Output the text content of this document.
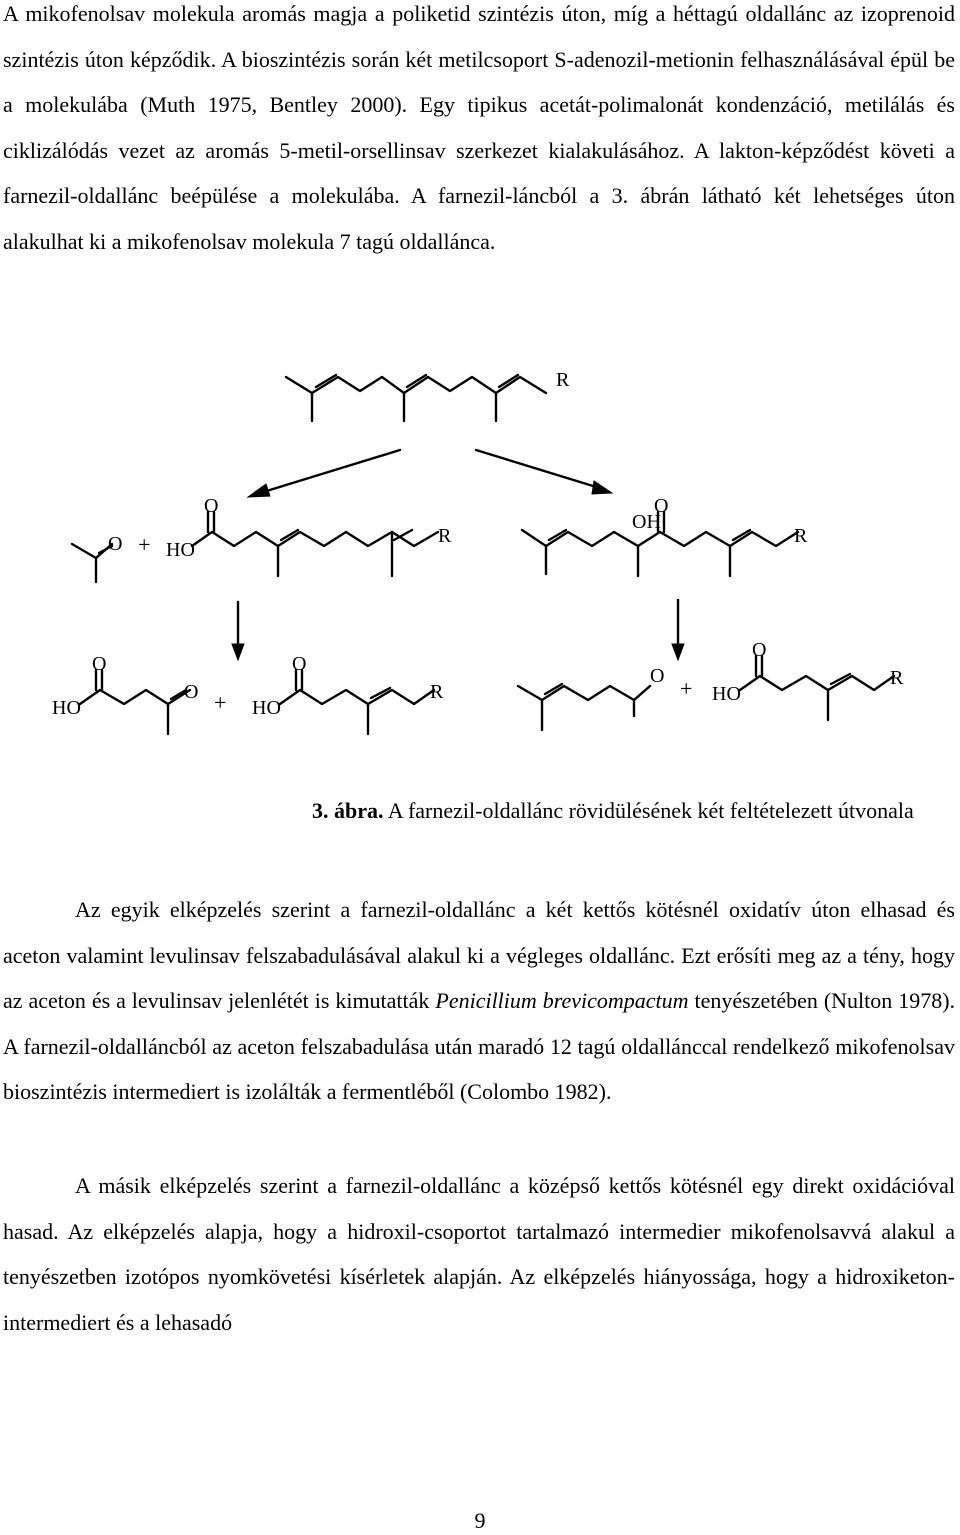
A mikofenolsav molekula aromás magja a poliketid szintézis úton, míg a héttagú oldallánc az izoprenoid szintézis úton képződik. A bioszintézis során két metilcsoport S-adenozil-metionin felhasználásával épül be a molekulába (Muth 1975, Bentley 2000). Egy tipikus acetát-polimalonát kondenzáció, metilálás és ciklizálódás vezet az aromás 5-metil-orsellinsav szerkezet kialakulásához. A lakton-képződést követi a farnezil-oldallánc beépülése a molekulába. A farnezil-láncból a 3. ábrán látható két lehetséges úton alakulhat ki a mikofenolsav molekula 7 tagú oldallánca.

R
O + HO
O
R
O
OH
R
HO
O
O + HO
O
R
O + HO
O
R
3. ábra. A farnezil-oldallánc rövidülésének két feltételezett útvonala

Az egyik elképzelés szerint a farnezil-oldallánc a két kettős kötésnél oxidatív úton elhasad és aceton valamint levulinsav felszabadulásával alakul ki a végleges oldallánc. Ezt erősíti meg az a tény, hogy az aceton és a levulinsav jelenlétét is kimutatták Penicillium brevicompactum tenyészetében (Nulton 1978). A farnezil-oldalláncból az aceton felszabadulása után maradó 12 tagú oldallánccal rendelkező mikofenolsav bioszintézis intermediert is izolálták a fermentléből (Colombo 1982).

A másik elképzelés szerint a farnezil-oldallánc a középső kettős kötésnél egy direkt oxidációval hasad. Az elképzelés alapja, hogy a hidroxil-csoportot tartalmazó intermedier mikofenolsavvá alakul a tenyészetben izotópos nyomkövetési kísérletek alapján. Az elképzelés hiányossága, hogy a hidroxiketon-intermediert és a lehasadó

9
